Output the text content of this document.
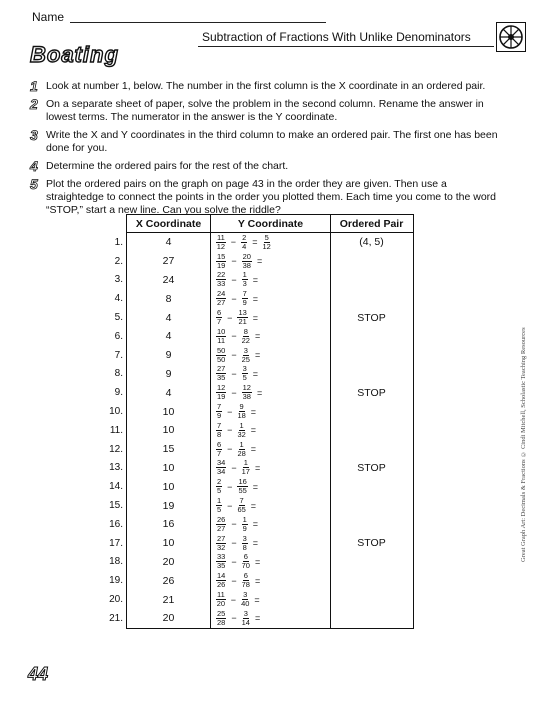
Name
Subtraction of Fractions With Unlike Denominators
Boating
1 Look at number 1, below. The number in the first column is the X coordinate in an ordered pair.
2 On a separate sheet of paper, solve the problem in the second column. Rename the answer in lowest terms. The numerator in the answer is the Y coordinate.
3 Write the X and Y coordinates in the third column to make an ordered pair. The first one has been done for you.
4 Determine the ordered pairs for the rest of the chart.
5 Plot the ordered pairs on the graph on page 43 in the order they are given. Then use a straightedge to connect the points in the order you plotted them. Each time you come to the word “STOP,” start a new line. Can you solve the riddle?
X Coordinate	Y Coordinate	Ordered Pair
1.	4	$\frac{11}{12} - \frac{2}{4} = \frac{5}{12}$	(4, 5)
2.	27	$\frac{15}{19} - \frac{20}{38}$ =
3.	24	$\frac{22}{33} - \frac{1}{3}$ =
4.	8	$\frac{24}{27} - \frac{7}{9}$ =
5.	4	$\frac{6}{7} - \frac{13}{21}$ =	STOP
6.	4	$\frac{10}{11} - \frac{8}{22}$ =
7.	9	$\frac{50}{50} - \frac{3}{25}$ =
8.	9	$\frac{27}{35} - \frac{3}{5}$ =
9.	4	$\frac{12}{19} - \frac{12}{38}$ =	STOP
10.	10	$\frac{7}{9} - \frac{9}{18}$ =
11.	10	$\frac{7}{8} - \frac{1}{32}$ =
12.	15	$\frac{6}{7} - \frac{1}{28}$ =
13.	10	$\frac{34}{34} - \frac{1}{17}$ =	STOP
14.	10	$\frac{2}{5} - \frac{16}{55}$ =
15.	19	$\frac{1}{5} - \frac{7}{65}$ =
16.	16	$\frac{26}{27} - \frac{1}{9}$ =
17.	10	$\frac{27}{32} - \frac{3}{8}$ =	STOP
18.	20	$\frac{33}{35} - \frac{6}{70}$ =
19.	26	$\frac{14}{26} - \frac{6}{78}$ =
20.	21	$\frac{11}{20} - \frac{3}{40}$ =
21.	20	$\frac{25}{28} - \frac{3}{14}$ =
Great Graph Art: Decimals & Fractions © Cindi Mitchell, Scholastic Teaching Resources
44
